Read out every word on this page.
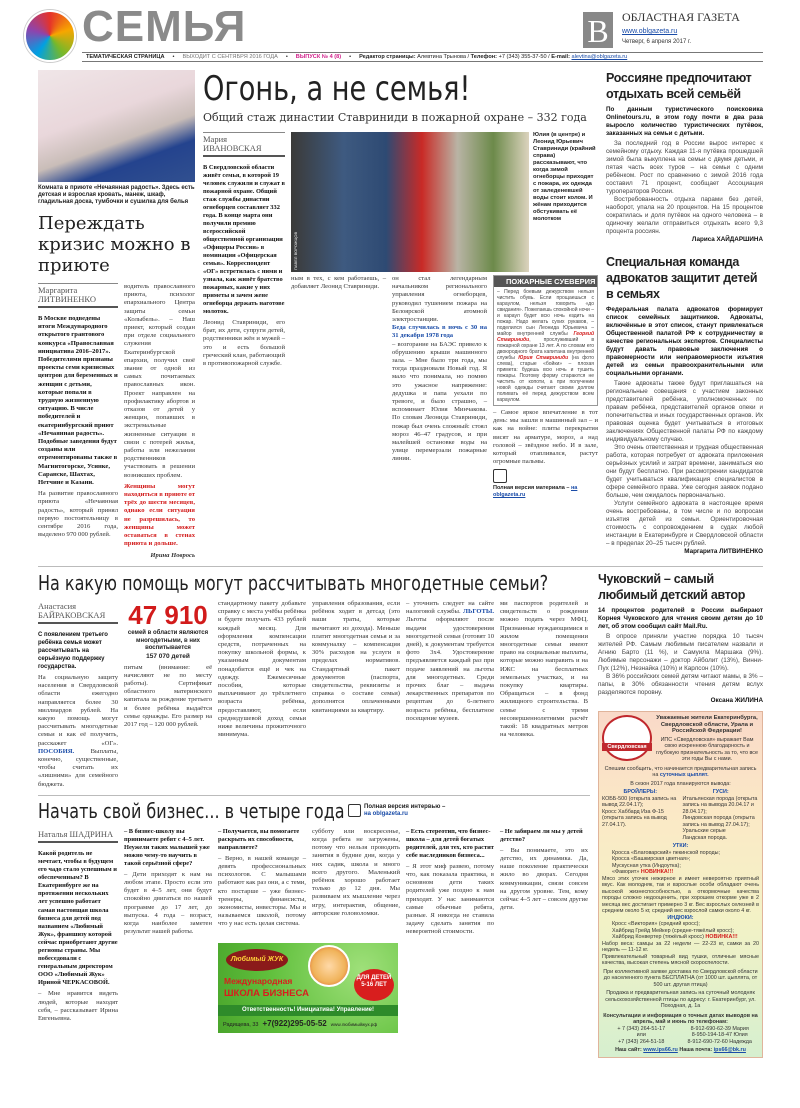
СЕМЬЯ	В	ОБЛАСТНАЯ ГАЗЕТА
www.oblgazeta.ru
Четверг, 6 апреля 2017 г.
ТЕМАТИЧЕСКАЯ СТРАНИЦА • ВЫХОДИТ С СЕНТЯБРЯ 2016 ГОДА • ВЫПУСК № 4 (8) • Редактор страницы: Алевтина Трынова / Телефон: +7 (343) 355-37-50 / E-mail: alevtina@oblgazeta.ru
Комната в приюте «Нечаянная радость». Здесь есть детская и взрослая кровать, манеж, шкаф, гладильная доска, тумбочки и сушилка для белья
Переждать кризис можно в приюте
Маргарита ЛИТВИНЕНКО
В Москве подведены итоги Международного открытого грантового конкурса «Православная инициатива 2016–2017». Победителями признаны проекты семи кризисных центров для беременных и женщин с детьми, которые попали в трудную жизненную ситуацию. В числе победителей и екатеринбургский приют «Нечаянная радость». Подобные заведения будут созданы или отремонтированы также в Магнитогорске, Усинке, Саранске, Шахтах, Нетчине и Казани.
На развитие православного приюта «Нечаянная радость», который принял первую постоятельницу в сентябре 2016 года, выделено 970 000 рублей.
водитель православного приюта, психолог епархиального Центра защиты семьи «Колыбель». – Наш приект, который создан при отделе социального служения Екатеринбургской епархии, получил своё звание от одной из самых почитаемых православных икон. Проект направлен на профилактику абортов и отказов от детей у женщин, попавших в экстремальные жизненные ситуации в связи с потерей жилья, работы или нежелания родственников участвовать в решении возникших проблем.
Женщины могут находиться в приюте от трёх до шести месяцев, однако если ситуация не разрешилась, то женщины может оставаться в стенах приюта и дольше.
Ирина Новрось
Огонь, а не семья!
Общий стаж династии Ставриниди в пожарной охране – 332 года
Мария ИВАНОВСКАЯ
В Свердловской области живёт семья, в которой 19 человек служили и служат в пожарной охране. Общий стаж службы династии огнеборцев составляет 332 года. В конце марта они получили премию всероссийской общественной организации «Офицеры России» в номинации «Офицерская семья». Корреспондент «ОГ» встретилась с ними и узнала, как живёт братство пожарных, какие у них приметы и зачем жене огнеборца держать наготове молоток.
Леонид Ставриниди, его брат, их дети, супруги детей, родственники жён и мужей – это и есть большой греческий клан, работающий в противопожарной службе.
ПАВЕЛ ВОРОЖЦОВ
Юлия (в центре) и Леонид Юрьевич Ставриниди (крайний справа) рассказывают, что когда зимой огнеборцы приходят с пожара, их одежда от заледеневшей воды стоит колом. И жёнам приходится обстукивать её молотком
ным в тех, с кем работаешь, – добавляет Леонид Ставриниди.
он стал легендарным начальником регионального управления огнеборцев, руководил тушением пожара на Белоярской атомной электростанции.
Беда случилась в ночь с 30 на 31 декабря 1978 года
– возгорание на БАЭС привело к обрушению крыши машинного зала. – Мне было три года, мы тогда праздновали Новый год. Я мало что понимала, но помню это ужасное напряжение: дедушка и папа уехали по тревоге, и было страшно, – вспоминает Юлия Минчакова. По словам Леонида Ставриниди, пожар был очень сложный: стоял мороз 46–47 градусов, и при малейшей остановке воды на улице перемерзали пожарные линии.
ПОЖАРНЫЕ СУЕВЕРИЯ
– Перед боевым дежурством нельзя чистить обувь. Если прощаешься с караулом, нельзя говорить «до свидания». Пожелаешь спокойной ночи – и караул будет всю ночь ездить на пожар. Надо желать сухих рукавов, – поделился сын Леонида Юрьевича – майор внутренней службы Георгий Ставриниди, прослуживший в пожарной охране 13 лет. А по словам его двоюродного брата капитана внутренней службы Юрия Ставриниди (на фото слева), старые «бойки» – плохая примета: будешь всю ночь и тушить пожары. Поэтому форму стараются не чистить от копоти, а при получении новой одежды считают своим долгом поливать её перед дежурством всем караулом.
– Самое яркое впечатление в тот день: мы зашли в машинный зал – и как на войне: плиты перекрытия висят на арматуре, мороз, а над головой – звёздное небо. И в зале, который отапливался, растут огромные пальмы.
Полная версия материала – на oblgazeta.ru
Россияне предпочитают отдыхать всей семьёй
По данным туристического поисковика Onlinetours.ru, в этом году почти в два раза выросло количество туристических путёвок, заказанных на семьи с детьми.
За последний год в России вырос интерес к семейному отдыху. Каждая 11-я путёвка прошедшей зимой была выкуплена на семьи с двумя детьми, и пятая часть всех туров – на семьи с одним ребёнком. Рост по сравнению с зимой 2016 года составил 71 процент, сообщает Ассоциация туроператоров России.
Востребованность отдыха парами без детей, наоборот, упала на 20 процентов. На 15 процентов сократилась и доля путёвок на одного человека – в одиночку желали отправиться отдыхать всего 9,3 процента россиян.
Лариса ХАЙДАРШИНА
Специальная команда адвокатов защитит детей в семьях
Федеральная палата адвокатов формирует список семейных защитников. Адвокаты, включённые в этот список, станут привлекаться Общественной палатой РФ к сотрудничеству в качестве региональных экспертов. Специалисты будут давать правовые заключения о правомерности или неправомерности изъятия детей из семьи правоохранительными или социальными органами.
Такие адвокаты также будут приглашаться на региональные совещания с участием законных представителей ребёнка, уполномоченных по правам ребёнка, представителей органов опеки и попечительства и иных государственных органов. Их правовая оценка будет учитываться в итоговых заключениях Общественной палаты РФ по каждому индивидуальному случаю.
Это очень ответственная и трудная общественная работа, которая потребует от адвоката приложения серьёзных усилий и затрат времени, заниматься ею они будут бесплатно. При рассмотрении кандидатов будет учитываться квалификация специалистов в сфере семейного права. Уже сегодня заявок подано больше, чем ожидалось первоначально.
Услуги семейного адвоката в настоящее время очень востребованы, в том числе и по вопросам изъятия детей из семьи. Ориентировочная стоимость с сопровождением в судах любой инстанции в Екатеринбурге и Свердловской области – в пределах 20–25 тысяч рублей.
Маргарита ЛИТВИНЕНКО
На какую помощь могут рассчитывать многодетные семьи?
Анастасия БАЙРАКОВСКАЯ
С появлением третьего ребёнка семья может рассчитывать на серьёзную поддержку государства.
На социальную защиту населения в Свердловской области ежегодно направляется более 30 миллиардов рублей. На какую помощь могут рассчитывать многодетные семьи и как её получить, расскажет «ОГ». ПОСОБИЯ. Выплаты, конечно, существенные, чтобы считать их «лишними» для семейного бюджета.
47 910
семей в области являются многодетными, в них воспитывается
157 070 детей
питым (внимание: её начисляют не по месту работы). Сертификат областного материнского капитала за рождение третьего и более ребёнка выдаётся семье однажды. Его размер на 2017 год – 120 000 рублей.
стандартному пакету добавьте справку с места учёбы ребёнка и будете получать 433 рублей каждый месяц. Для оформления компенсации средств, потраченных на покупку школьной формы, к указанным документам понадобится ещё и чек на одежду. Ежемесячные пособия, которые выплачивают до трёхлетнего возраста ребёнка, предоставляют, если среднедушевой доход семьи ниже величины прожиточного минимума.
управления образования, если ребёнок ходит в детсад (это ваши траты, которые вычитают из дохода). Меньше платит многодетная семья и за коммуналку – компенсация 30% расходов на услуги в пределах нормативов. Стандартный пакет документов (паспорта, свидетельства, реквизиты и справка о составе семьи) дополнятся оплаченными квитанциями за квартиру.
– уточнить следует на сайте налоговой службы. ЛЬГОТЫ. Льготы оформляют после выдачи удостоверения многодетной семьи (готовят 10 дней), к документам требуется фото 3х4. Удостоверение предъявляется каждый раз при подаче заявлений на льготы для многодетных. Среди прочих благ – выдача лекарственных препаратов по рецептам до 6-летнего возраста ребёнка, бесплатное посещение музеев.
ми паспортов родителей и свидетельств о рождении можно подать через МФЦ. Признанные нуждающимися в жилом помещении многодетные семьи имеют право на социальные выплаты, которые можно направить и на ИЖС на бесплатных земельных участках, и на покупку квартиры. Обращаться – в фонд жилищного строительства. В семье с тремя несовершеннолетними расчёт такой: 18 квадратных метров на человека.
Начать свой бизнес... в четыре года	Полная версия интервью –
на oblgazeta.ru
Наталья ШАДРИНА
Какой родитель не мечтает, чтобы в будущем его чадо стало успешным и обеспеченным? В Екатеринбурге же на протяжении нескольких лет успешно работает самая настоящая школа бизнеса для детей под названием «Любимый Жук», франшизу которой сейчас приобретают другие регионы страны. Мы побеседовали с генеральным директором ООО «Любимый Жук» Ириной ЧЕРКАСОВОЙ.
– Мне нравится видеть людей, которые находят себя, – рассказывает Ирина Евгеньевна.
– В бизнес-школу вы принимаете ребят с 4–5 лет. Неужели таких малышей уже можно чему-то научить в такой серьёзной сфере?
– Дети приходят к нам на любом этапе. Просто если это будет в 4–5 лет, они будут спокойно двигаться по нашей программе до 17 лет, до выпуска. 4 года – возраст, когда наиболее заметен результат нашей работы.
– Получается, вы помогаете раскрыть их способности, направляете?
– Верно, в нашей команде – девять профессиональных психологов. С малышами работают как раз они, а с теми, кто постарше – уже бизнес-тренеры, финансисты, экономисты, инвесторы. Мы и называемся школой, потому что у нас есть целая система.
субботу или воскресенье, когда ребята не загружены, потому что нельзя проводить занятия в будние дни, когда у них садик, школа и много всего другого. Маленький ребёнок хорошо работает только до 12 дня. Мы развиваем их мышление через игру, интерактив, общение, авторские головоломки.
– Есть стереотип, что бизнес-школа – для детей богатых родителей, для тех, кто растит себе наследников бизнеса...
– Я этот миф развею, потому что, как показала практика, в основном дети таких родителей уже поздно к нам приходят. У нас занимаются самые обычные ребята, разные. Я никогда не ставила задачу сделать занятия по невероятной стоимости.
– Не забираем ли мы у детей детство?
– Вы понимаете, это их детство, их динамика. Да, наше поколение практически жило во дворах. Сегодня коммуникации, связи совсем на другом уровне. Тем, кому сейчас 4–5 лет – совсем другие дети.
Любимый ЖУК
Международная
ШКОЛА БИЗНЕСА
ДЛЯ ДЕТЕЙ 5-16 ЛЕТ
Ответственность! Инициатива! Управление!
Радищева, 33 +7(922)295-05-52 www.любимыйжук.рф
Чуковский – самый любимый детский автор
14 процентов родителей в России выбирают Корнея Чуковского для чтения своим детям до 10 лет, об этом сообщил сайт Mail.Ru.
В опросе приняли участие порядка 10 тысяч жителей РФ. Самым любимым писателем назвали и Агнию Барто (11 %), и Самуила Маршака (9%). Любимые персонажи – доктор Айболит (13%), Винни-Пух (12%), Незнайка (10%) и Карлсон (10%).
В 36% российских семей детям читают мамы, в 3% – папы, в 30% обязанности чтения детям вслух разделяются поровну.
Оксана ЖИЛИНА
Свердловская
Уважаемые жители Екатеринбурга, Свердловской области, Урала и Российской Федерации!
ИПС «Свердловская» выражает Вам свою искреннюю благодарность и глубокую признательность за то, что все эти годы Вы с нами.
Спешим сообщить, что начинается предварительная запись на суточных цыплят.
В сезон 2017 года планируются вывода:
БРОЙЛЕРЫ:
КОББ-500 (открыта запись на вывод 22.04.17);
Кросс Хаббард Иза Ф-15 (открыта запись на вывод 27.04.17).
ГУСИ:
Итальянская порода (открыта запись на вывода 20.04.17 и 28.04.17);
Линдовская порода (открыта запись на вывод 27.04.17);
Уральские серые
Ландская порода.
УТКИ:
Кросса «Благоварский» пекинской породы;
Кросса «Башкирская цветная»;
Мускусная утка (Индоутка);
«Фаворит» НОВИНКА!!!
Мясо этих уточек нежирное и имеет невероятно приятный вкус. Как молодняк, так и взрослые особи обладают очень высокой жизнеспособностью, а откормочные качества породы сложно недооценить, при хорошем откорме уже в 2 месяца вес достигает примерно 3 кг. Вес взрослых селезней в среднем около 5 кг, средний вес взрослой самки около 4 кг.
ИНДЮКИ:
Кросс «Виктория» (средний кросс);
Хайбрид Грейд Мейкер (средне-тяжёлый кросс);
Хайбрид Конвертер (тяжёлый кросс) НОВИНКА!!!
Набор веса: самцы за 22 недели — 22-23 кг, самки за 20 недель — 11-12 кг.
Привлекательный товарный вид тушки, отличные мясные качества, высокая степень мясной скороспелости.
При коллективной заявке доставка по Свердловской области до населенного пункта БЕСПЛАТНА (от 1000 шт. цыплята, от 500 шт. другая птица)
Продажа и предварительная запись на суточный молодняк сельскохозяйственной птицы по адресу: г. Екатеринбург, ул. Походная, д. 1а
Консультации и информация о точных датах выводов на апрель, май и июнь по телефонам:
+ 7 (343) 264-51-17
или
+7 (343) 264-51-18
8-912-690-62-39 Мария
8-950-194-18-47 Юлия
8-912-690-72-60 Надежда
Наш сайт: www.ips66.ru Наша почта: ips66@bk.ru
